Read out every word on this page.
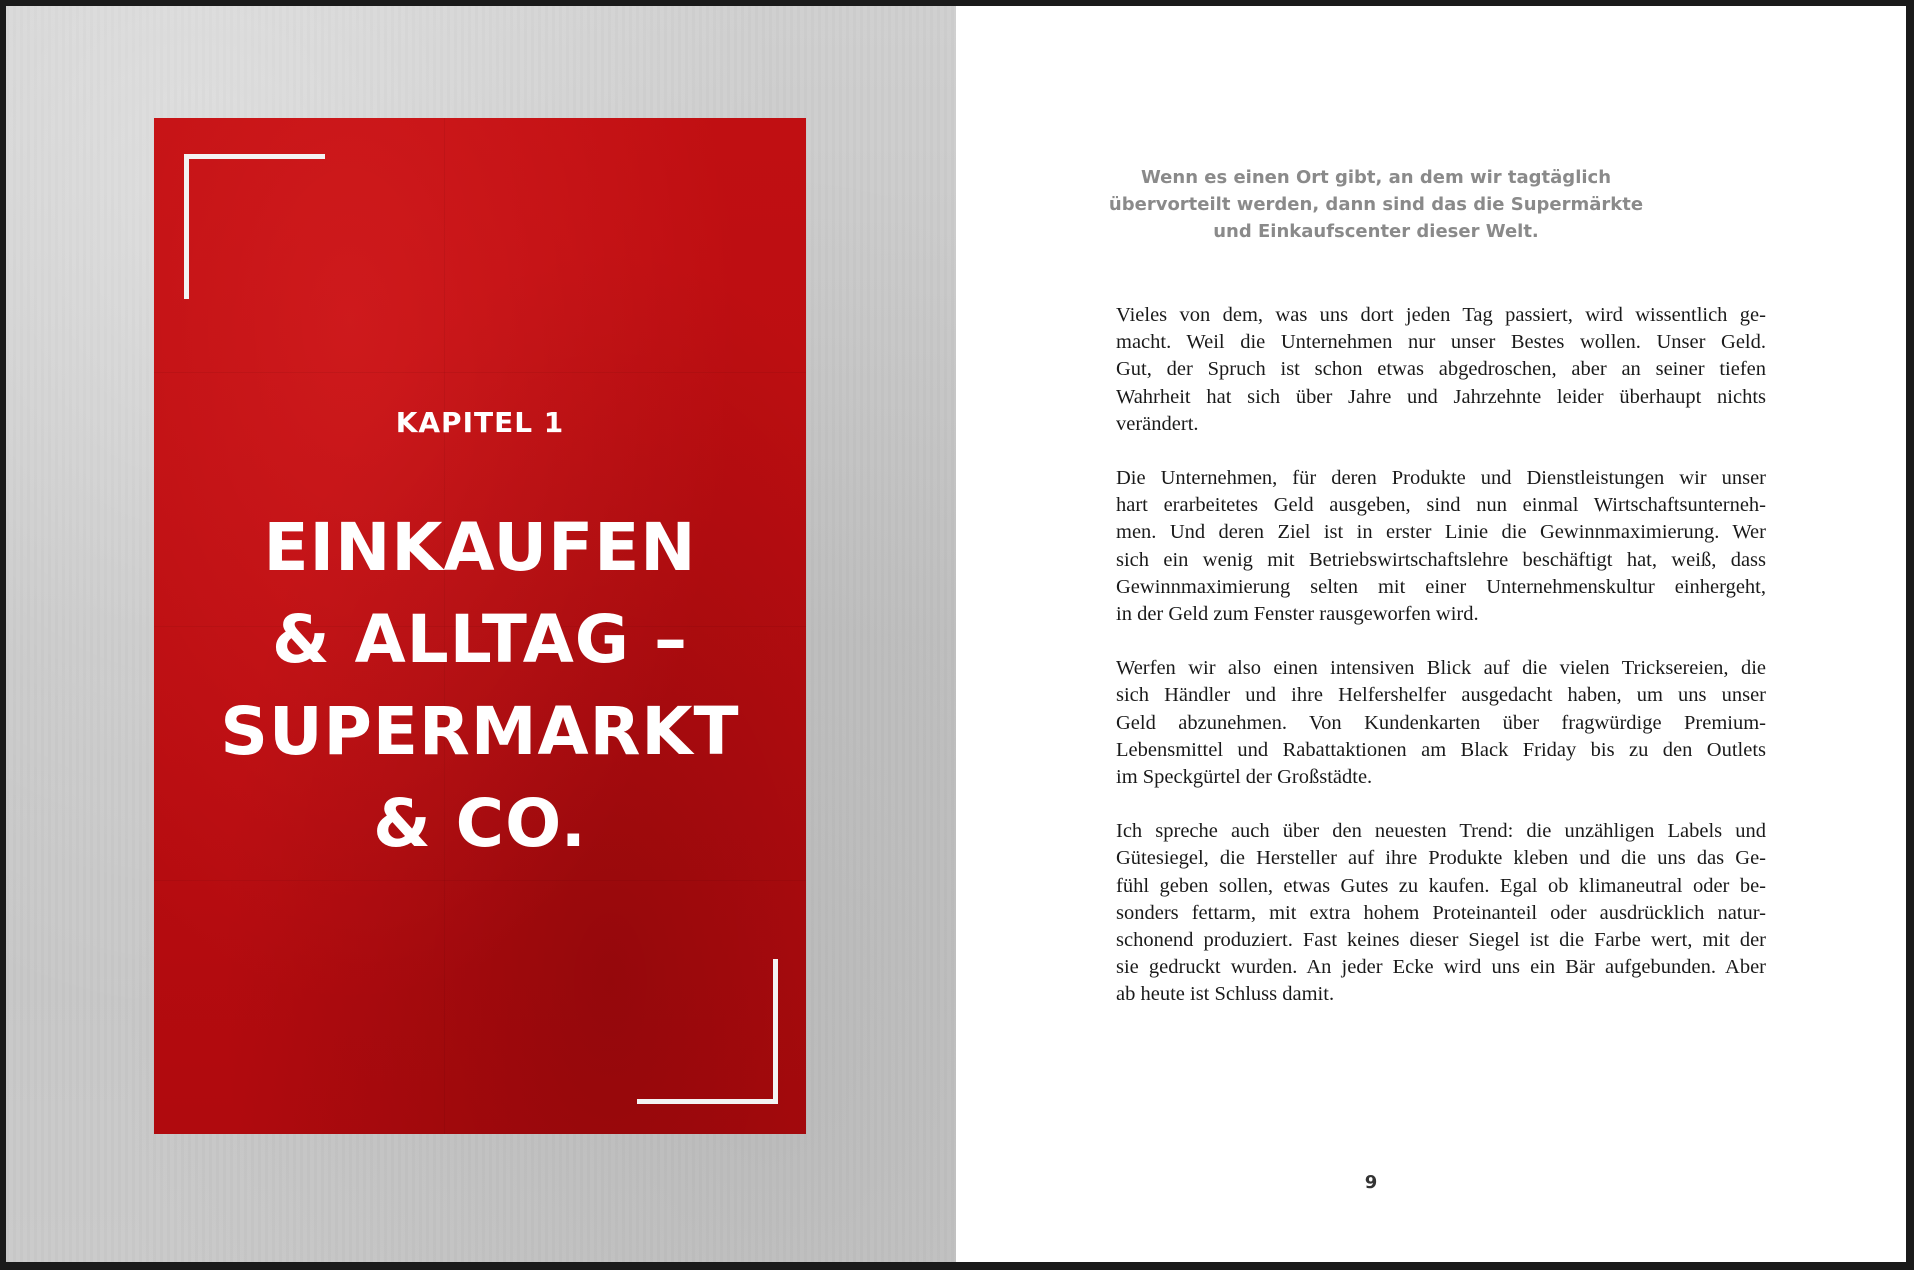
KAPITEL 1
EINKAUFEN
& ALLTAG –
SUPERMARKT
& CO.
Wenn es einen Ort gibt, an dem wir tagtäglich
übervorteilt werden, dann sind das die Supermärkte
und Einkaufscenter dieser Welt.
Vieles von dem, was uns dort jeden Tag passiert, wird wissentlich ge-
macht. Weil die Unternehmen nur unser Bestes wollen. Unser Geld.
Gut, der Spruch ist schon etwas abgedroschen, aber an seiner tiefen
Wahrheit hat sich über Jahre und Jahrzehnte leider überhaupt nichts
verändert.
Die Unternehmen, für deren Produkte und Dienstleistungen wir unser
hart erarbeitetes Geld ausgeben, sind nun einmal Wirtschaftsunterneh-
men. Und deren Ziel ist in erster Linie die Gewinnmaximierung. Wer
sich ein wenig mit Betriebswirtschaftslehre beschäftigt hat, weiß, dass
Gewinnmaximierung selten mit einer Unternehmenskultur einhergeht,
in der Geld zum Fenster rausgeworfen wird.
Werfen wir also einen intensiven Blick auf die vielen Tricksereien, die
sich Händler und ihre Helfershelfer ausgedacht haben, um uns unser
Geld abzunehmen. Von Kundenkarten über fragwürdige Premium-
Lebensmittel und Rabattaktionen am Black Friday bis zu den Outlets
im Speckgürtel der Großstädte.
Ich spreche auch über den neuesten Trend: die unzähligen Labels und
Gütesiegel, die Hersteller auf ihre Produkte kleben und die uns das Ge-
fühl geben sollen, etwas Gutes zu kaufen. Egal ob klimaneutral oder be-
sonders fettarm, mit extra hohem Proteinanteil oder ausdrücklich natur-
schonend produziert. Fast keines dieser Siegel ist die Farbe wert, mit der
sie gedruckt wurden. An jeder Ecke wird uns ein Bär aufgebunden. Aber
ab heute ist Schluss damit.
9
